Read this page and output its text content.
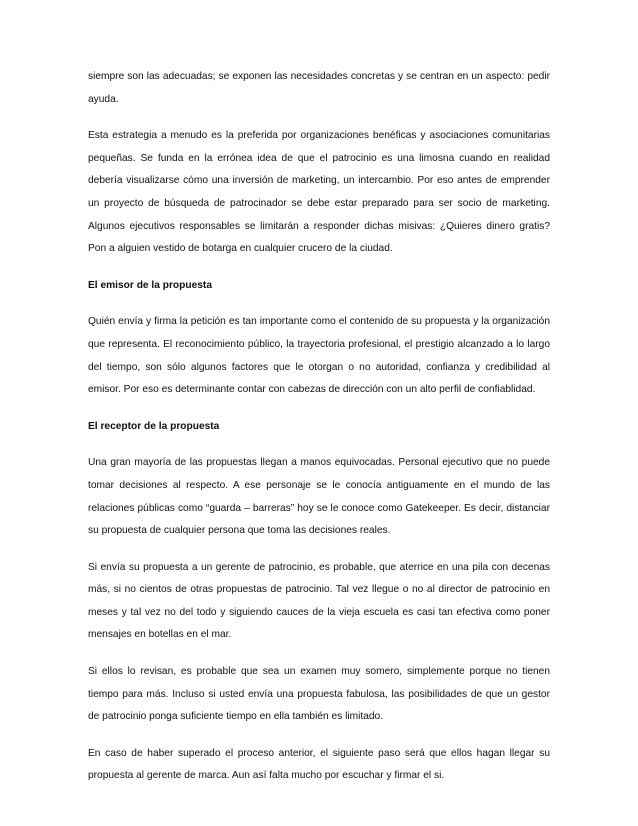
siempre son las adecuadas; se exponen las necesidades concretas y se centran en un aspecto: pedir ayuda.

Esta estrategia a menudo es la preferida por organizaciones benéficas y asociaciones comunitarias pequeñas. Se funda en la errónea idea de que el patrocinio es una limosna cuando en realidad debería visualizarse cómo una inversión de marketing, un intercambio. Por eso antes de emprender un proyecto de búsqueda de patrocinador se debe estar preparado para ser socio de marketing. Algunos ejecutivos responsables se limitarán a responder dichas misivas: ¿Quieres dinero gratis? Pon a alguien vestido de botarga en cualquier crucero de la ciudad.

El emisor de la propuesta

Quién envía y firma la petición es tan importante como el contenido de su propuesta y la organización que representa. El reconocimiento público, la trayectoria profesional, el prestigio alcanzado a lo largo del tiempo, son sólo algunos factores que le otorgan o no autoridad, confianza y credibilidad al emisor. Por eso es determinante contar con cabezas de dirección con un alto perfil de confiablidad.

El receptor de la propuesta

Una gran mayoría de las propuestas llegan a manos equivocadas. Personal ejecutivo que no puede tomar decisiones al respecto. A ese personaje se le conocía antiguamente en el mundo de las relaciones públicas como “guarda – barreras” hoy se le conoce como Gatekeeper. Es decir, distanciar su propuesta de cualquier persona que toma las decisiones reales.

Si envía su propuesta a un gerente de patrocinio, es probable, que aterrice en una pila con decenas más, si no cientos de otras propuestas de patrocinio. Tal vez llegue o no al director de patrocinio en meses y tal vez no del todo y siguiendo cauces de la vieja escuela es casi tan efectiva como poner mensajes en botellas en el mar.

Si ellos lo revisan, es probable que sea un examen muy somero, simplemente porque no tienen tiempo para más. Incluso si usted envía una propuesta fabulosa, las posibilidades de que un gestor de patrocinio ponga suficiente tiempo en ella también es limitado.

En caso de haber superado el proceso anterior, el siguiente paso será que ellos hagan llegar su propuesta al gerente de marca. Aun así falta mucho por escuchar y firmar el si.
